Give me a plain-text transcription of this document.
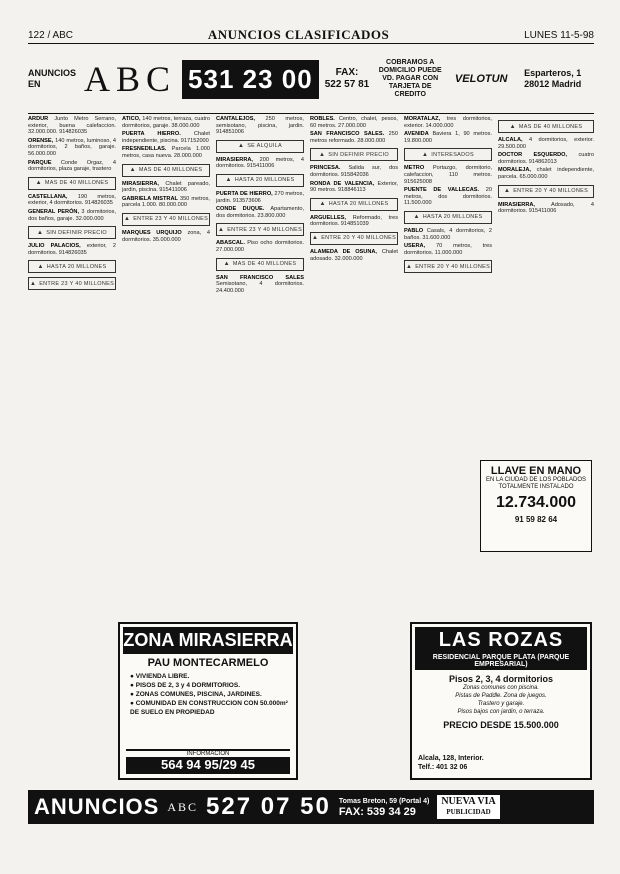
122 / ABC	ANUNCIOS CLASIFICADOS	LUNES 11-5-98
ANUNCIOS EN	ABC 531 23 00	FAX:
522 57 81
COBRAMOS A DOMICILIO PUEDE VD. PAGAR CON TARJETA DE CREDITO
VELOTUN	Esparteros, 1 28012 Madrid

ARDUR Junto Metro Serrano, exterior, buena calefaccion. 32.000.000. 914826035

ORENSE, 140 metros, luminoso, 4 dormitorios, 2 baños, garaje. 56.000.000

PARQUE Conde Orgaz, 4 dormitorios, plaza garaje, trastero

▲ MAS DE 40 MILLONES

CASTELLANA, 190 metros, exterior, 4 dormitorios. 914826035

GENERAL PERÓN, 3 dormitorios, dos baños, garaje. 32.000.000

▲ SIN DEFINIR PRECIO

JULIO PALACIOS, exterior, 2 dormitorios. 914826035

▲ HASTA 20 MILLONES
▲ ENTRE 23 Y 40 MILLONES

ATICO, 140 metros, terraza, cuatro dormitorios, garaje. 38.000.000

PUERTA HIERRO. Chalet independiente, piscina. 917152000

FRESNEDILLAS. Parcela 1.000 metros, casa nueva. 28.000.000

▲ MAS DE 40 MILLONES

MIRASIERRA, Chalet pareado, jardin, piscina. 915411006

GABRIELA MISTRAL 350 metros, parcela 1.000. 80.000.000

▲ ENTRE 23 Y 40 MILLONES

MARQUES URQUIJO zona, 4 dormitorios. 35.000.000

CANTALEJOS, 250 metros, semisotano, piscina, jardin. 914851006

▲ SE ALQUILA

MIRASIERRA, 200 metros, 4 dormitorios. 915411006

▲ HASTA 20 MILLONES

PUERTA DE HIERRO, 270 metros, jardin. 913573606

CONDE DUQUE. Apartamento, dos dormitorios. 23.800.000

▲ ENTRE 23 Y 40 MILLONES

ABASCAL. Piso ocho dormitorios. 27.000.000

▲ MAS DE 40 MILLONES

SAN FRANCISCO SALES Semisotano, 4 dormitorios. 24.400.000

ROBLES. Centro, chalet, pesos, 60 metros. 27.000.000

SAN FRANCISCO SALES. 250 metros reformado. 28.000.000

▲ SIN DEFINIR PRECIO

PRINCESA. Salida sur, dos dormitorios. 915842036

RONDA DE VALENCIA, Exterior, 90 metros. 918846113

▲ HASTA 20 MILLONES

ARGUELLES, Reformado, tres dormitorios. 914851039

▲ ENTRE 20 Y 40 MILLONES

ALAMEDA DE OSUNA, Chalet adosado. 32.000.000

MORATALAZ, tres dormitorios, exterior. 14.000.000

AVENIDA Baviera 1, 90 metros. 19.800.000

▲ INTERESADOS

METRO Portazgo, dormitorio, calefaccion, 110 metros. 915625008

PUENTE DE VALLECAS. 20 metros, dos dormitorios. 11.500.000

▲ HASTA 20 MILLONES

PABLO Casals, 4 dormitorios, 2 baños. 31.600.000

USERA, 70 metros, tres dormitorios. 11.000.000

▲ ENTRE 20 Y 40 MILLONES
▲ MAS DE 40 MILLONES

ALCALA, 4 dormitorios, exterior. 29.500.000

DOCTOR ESQUERDO, cuatro dormitorios. 914862013

MORALEJA, chalet independiente, parcela. 65.000.000

▲ ENTRE 20 Y 40 MILLONES

MIRASIERRA,	Adosado, 4 dormitorios. 915411006

LLAVE EN MANO
EN LA CIUDAD DE LOS POBLADOS TOTALMENTE INSTALADO
12.734.000
91 59 82 64
ZONA MIRASIERRA
PAU MONTECARMELO
● VIVIENDA LIBRE.
● PISOS DE 2, 3 y 4 DORMITORIOS.
● ZONAS COMUNES, PISCINA, JARDINES.
● COMUNIDAD EN CONSTRUCCION CON 50.000m² DE SUELO EN PROPIEDAD
INFORMACION
564 94 95/29 45
LAS ROZAS
RESIDENCIAL PARQUE PLATA (PARQUE EMPRESARIAL)
Pisos 2, 3, 4 dormitorios
Zonas comunes con piscina.
Pistas de Paddle. Zona de juegos.
Trastero y garaje.
Pisos bajos con jardin, o terraza.
PRECIO DESDE 15.500.000
Alcala, 128, Interior.
Telf.: 401 32 06
ANUNCIOS ABC 527 07 50 Tomas Breton, 59 (Portal 4)
FAX: 539 34 29
NUEVA VIA
PUBLICIDAD
